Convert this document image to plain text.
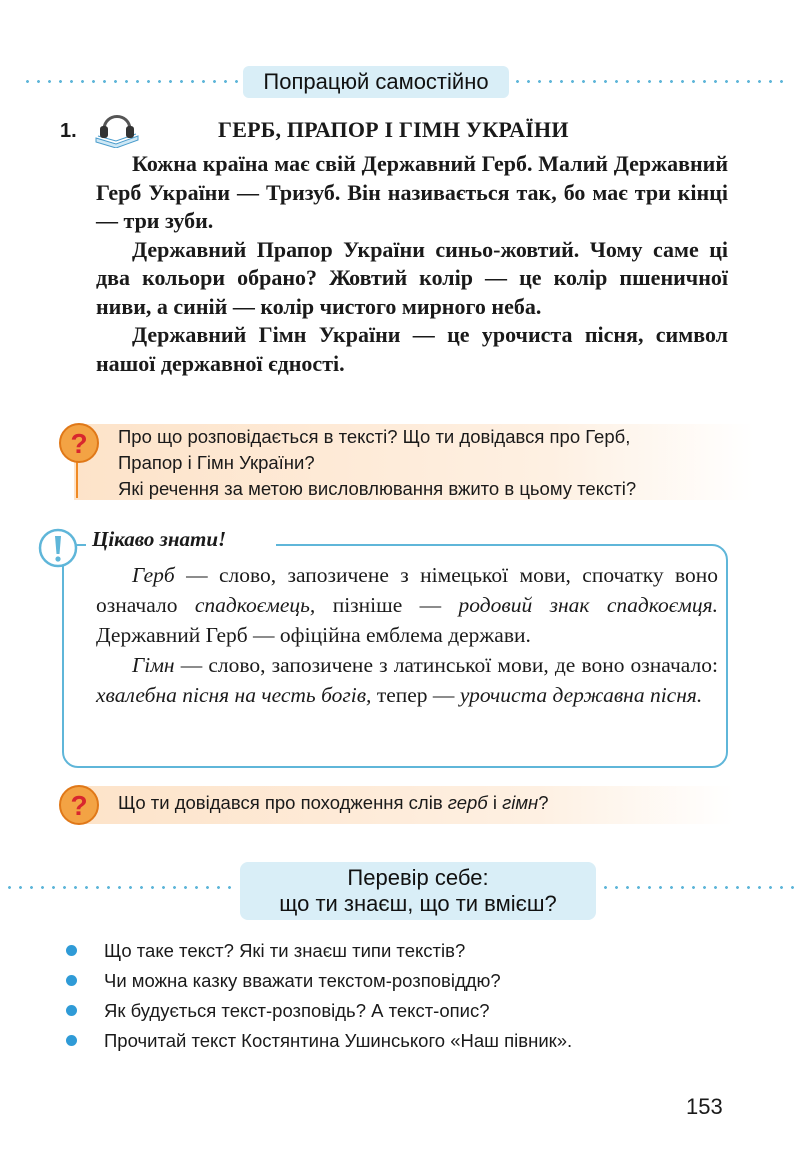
Попрацюй самостійно
1.	ГЕРБ, ПРАПОР І ГІМН УКРАЇНИ

Кожна країна має свій Державний Герб. Малий Державний Герб України — Тризуб. Він називається так, бо має три кінці — три зуби.

Державний Прапор України синьо-жовтий. Чому саме ці два кольори обрано? Жовтий колір — це колір пшеничної ниви, а синій — колір чистого мирного неба.

Державний Гімн України — це урочиста пісня, символ нашої державної єдності.

? Про що розповідається в тексті? Що ти довідався про Герб,
Прапор і Гімн України?
Які речення за метою висловлювання вжито в цьому тексті?
Цікаво знати!

Герб — слово, запозичене з німецької мови, спочатку воно означало спадкоємець, пізніше — родовий знак спадкоємця. Державний Герб — офіційна емблема держави.

Гімн — слово, запозичене з латинської мови, де воно означало: хвалебна пісня на честь богів, тепер — урочиста державна пісня.

? Що ти довідався про походження слів герб і гімн?
Перевір себе:
що ти знаєш, що ти вмієш?
Що таке текст? Які ти знаєш типи текстів?
Чи можна казку вважати текстом-розповіддю?
Як будується текст-розповідь? А текст-опис?
Прочитай текст Костянтина Ушинського «Наш півник».
153
